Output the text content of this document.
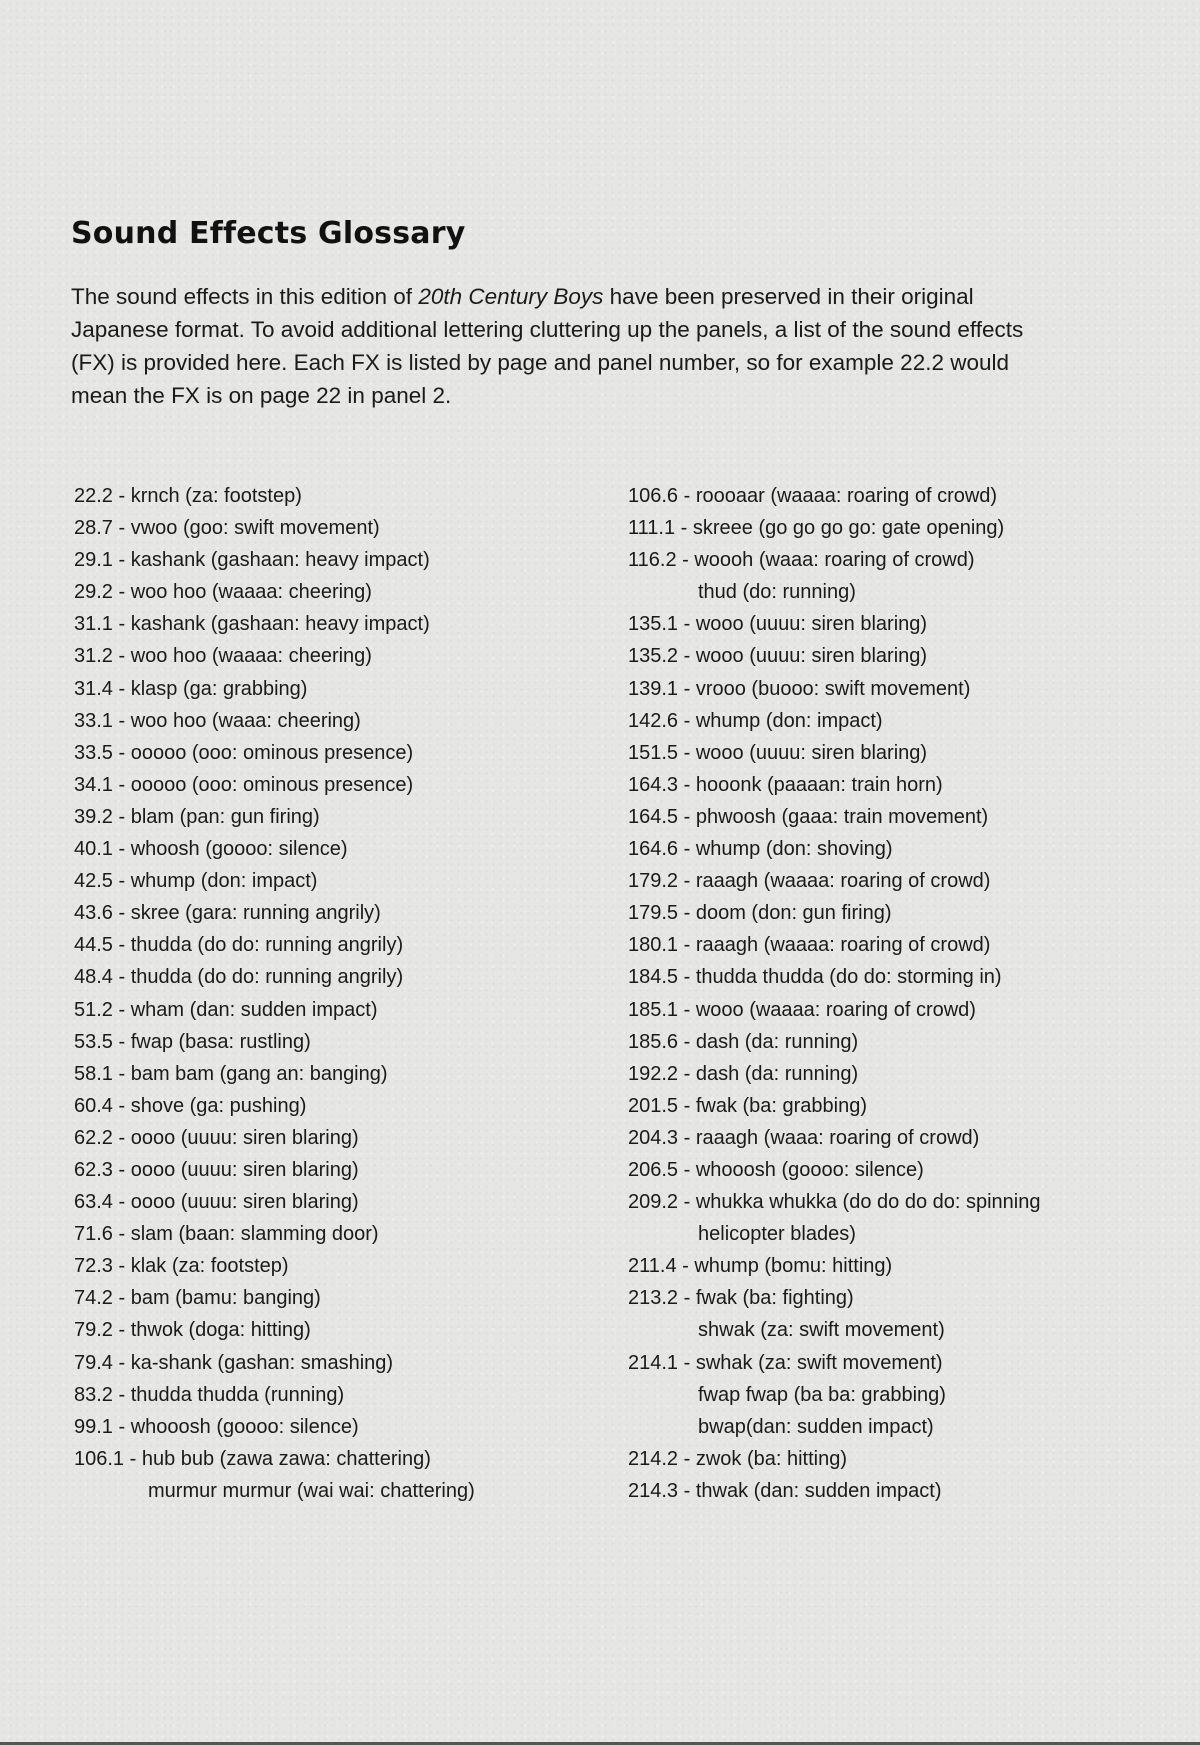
Sound Effects Glossary

The sound effects in this edition of 20th Century Boys have been preserved in their original Japanese format. To avoid additional lettering cluttering up the panels, a list of the sound effects (FX) is provided here. Each FX is listed by page and panel number, so for example 22.2 would mean the FX is on page 22 in panel 2.

22.2 - krnch (za: footstep)
28.7 - vwoo (goo: swift movement)
29.1 - kashank (gashaan: heavy impact)
29.2 - woo hoo (waaaa: cheering)
31.1 - kashank (gashaan: heavy impact)
31.2 - woo hoo (waaaa: cheering)
31.4 - klasp (ga: grabbing)
33.1 - woo hoo (waaa: cheering)
33.5 - ooooo (ooo: ominous presence)
34.1 - ooooo (ooo: ominous presence)
39.2 - blam (pan: gun firing)
40.1 - whoosh (goooo: silence)
42.5 - whump (don: impact)
43.6 - skree (gara: running angrily)
44.5 - thudda (do do: running angrily)
48.4 - thudda (do do: running angrily)
51.2 - wham (dan: sudden impact)
53.5 - fwap (basa: rustling)
58.1 - bam bam (gang an: banging)
60.4 - shove (ga: pushing)
62.2 - oooo (uuuu: siren blaring)
62.3 - oooo (uuuu: siren blaring)
63.4 - oooo (uuuu: siren blaring)
71.6 - slam (baan: slamming door)
72.3 - klak (za: footstep)
74.2 - bam (bamu: banging)
79.2 - thwok (doga: hitting)
79.4 - ka-shank (gashan: smashing)
83.2 - thudda thudda (running)
99.1 - whooosh (goooo: silence)
106.1 - hub bub (zawa zawa: chattering)
murmur murmur (wai wai: chattering)
106.6 - roooaar (waaaa: roaring of crowd)
111.1 - skreee (go go go go: gate opening)
116.2 - woooh (waaa: roaring of crowd)
thud (do: running)
135.1 - wooo (uuuu: siren blaring)
135.2 - wooo (uuuu: siren blaring)
139.1 - vrooo (buooo: swift movement)
142.6 - whump (don: impact)
151.5 - wooo (uuuu: siren blaring)
164.3 - hooonk (paaaan: train horn)
164.5 - phwoosh (gaaa: train movement)
164.6 - whump (don: shoving)
179.2 - raaagh (waaaa: roaring of crowd)
179.5 - doom (don: gun firing)
180.1 - raaagh (waaaa: roaring of crowd)
184.5 - thudda thudda (do do: storming in)
185.1 - wooo (waaaa: roaring of crowd)
185.6 - dash (da: running)
192.2 - dash (da: running)
201.5 - fwak (ba: grabbing)
204.3 - raaagh (waaa: roaring of crowd)
206.5 - whooosh (goooo: silence)
209.2 - whukka whukka (do do do do: spinning
helicopter blades)
211.4 - whump (bomu: hitting)
213.2 - fwak (ba: fighting)
shwak (za: swift movement)
214.1 - swhak (za: swift movement)
fwap fwap (ba ba: grabbing)
bwap(dan: sudden impact)
214.2 - zwok (ba: hitting)
214.3 - thwak (dan: sudden impact)
